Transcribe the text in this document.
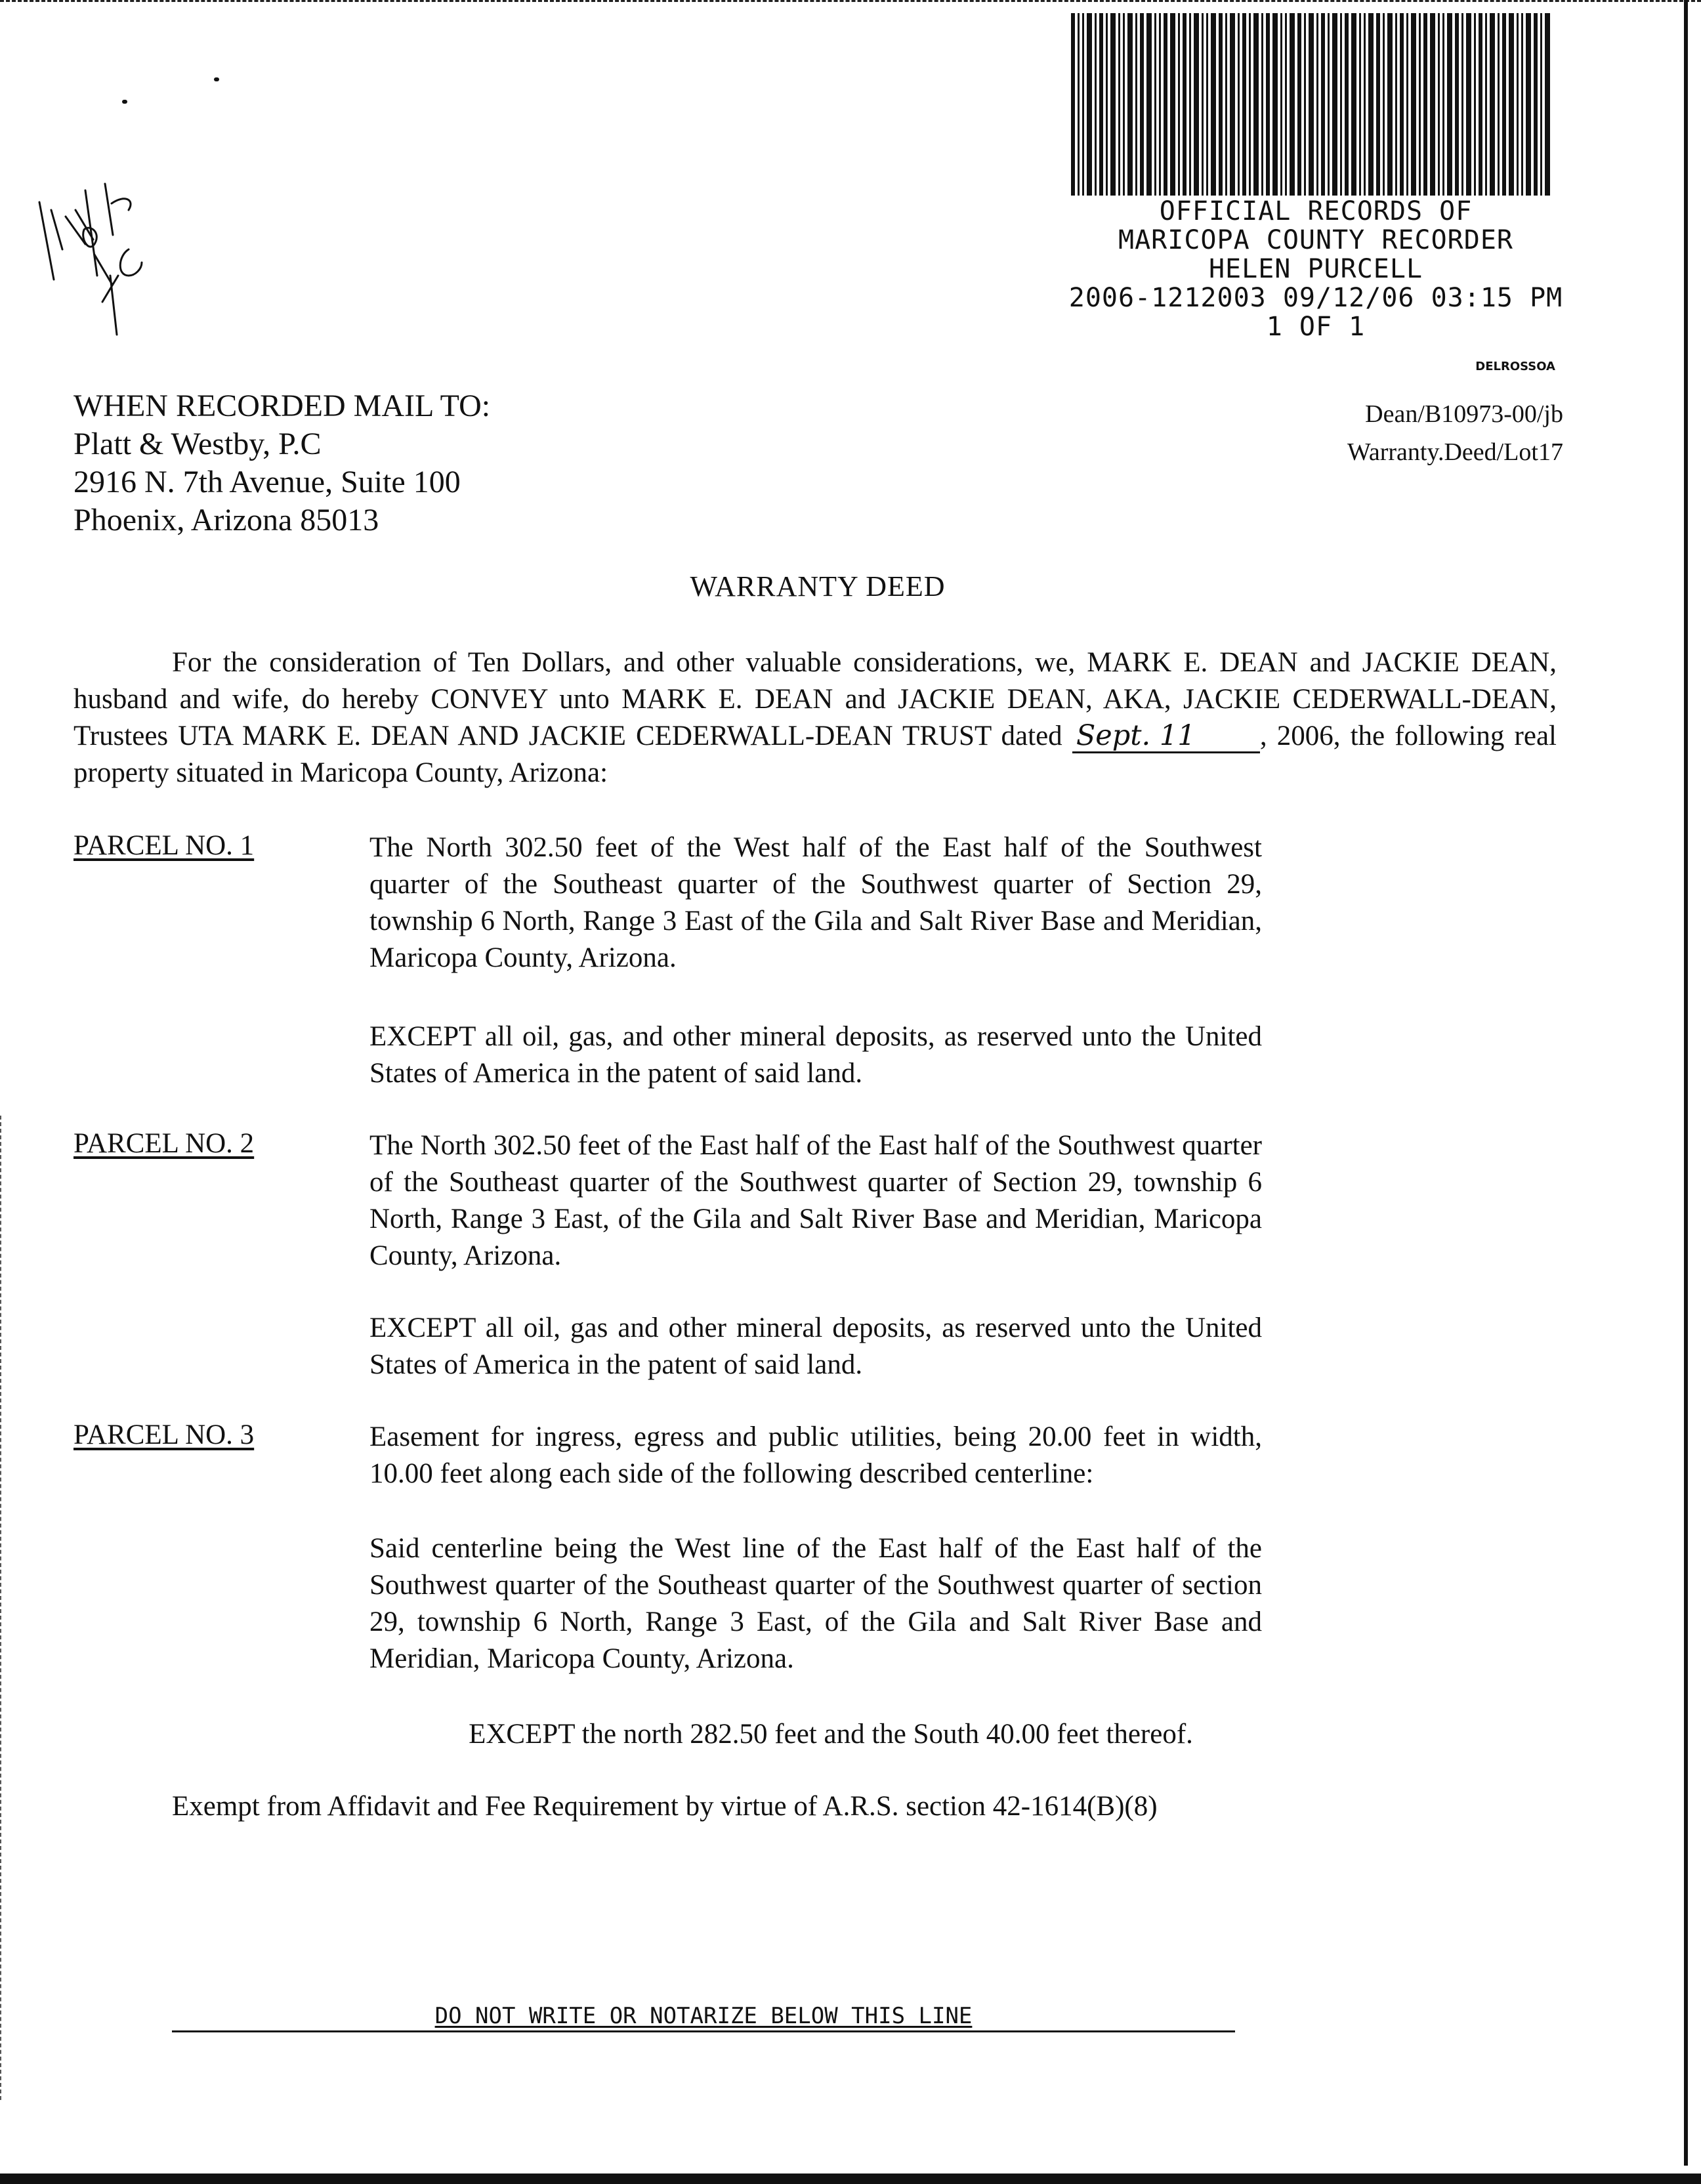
OFFICIAL RECORDS OF
MARICOPA COUNTY RECORDER
HELEN PURCELL
2006-1212003 09/12/06 03:15 PM
1 OF 1
DELROSSOA
WHEN RECORDED MAIL TO:
Platt & Westby, P.C
2916 N. 7th Avenue, Suite 100
Phoenix, Arizona 85013
Dean/B10973-00/jb
Warranty.Deed/Lot17
WARRANTY DEED
For the consideration of Ten Dollars, and other valuable considerations, we, MARK E. DEAN and JACKIE DEAN, husband and wife, do hereby CONVEY unto MARK E. DEAN and JACKIE DEAN, AKA, JACKIE CEDERWALL-DEAN, Trustees UTA MARK E. DEAN AND JACKIE CEDERWALL-DEAN TRUST dated Sept. 11 , 2006, the following real property situated in Maricopa County, Arizona:
PARCEL NO. 1	The North 302.50 feet of the West half of the East half of the Southwest quarter of the Southeast quarter of the Southwest quarter of Section 29, township 6 North, Range 3 East of the Gila and Salt River Base and Meridian, Maricopa County, Arizona.
EXCEPT all oil, gas, and other mineral deposits, as reserved unto the United States of America in the patent of said land.
PARCEL NO. 2	The North 302.50 feet of the East half of the East half of the Southwest quarter of the Southeast quarter of the Southwest quarter of Section 29, township 6 North, Range 3 East, of the Gila and Salt River Base and Meridian, Maricopa County, Arizona.
EXCEPT all oil, gas and other mineral deposits, as reserved unto the United States of America in the patent of said land.
PARCEL NO. 3	Easement for ingress, egress and public utilities, being 20.00 feet in width, 10.00 feet along each side of the following described centerline:
Said centerline being the West line of the East half of the East half of the Southwest quarter of the Southeast quarter of the Southwest quarter of section 29, township 6 North, Range 3 East, of the Gila and Salt River Base and Meridian, Maricopa County, Arizona.
EXCEPT the north 282.50 feet and the South 40.00 feet thereof.
Exempt from Affidavit and Fee Requirement by virtue of A.R.S. section 42-1614(B)(8)
DO NOT WRITE OR NOTARIZE BELOW THIS LINE
